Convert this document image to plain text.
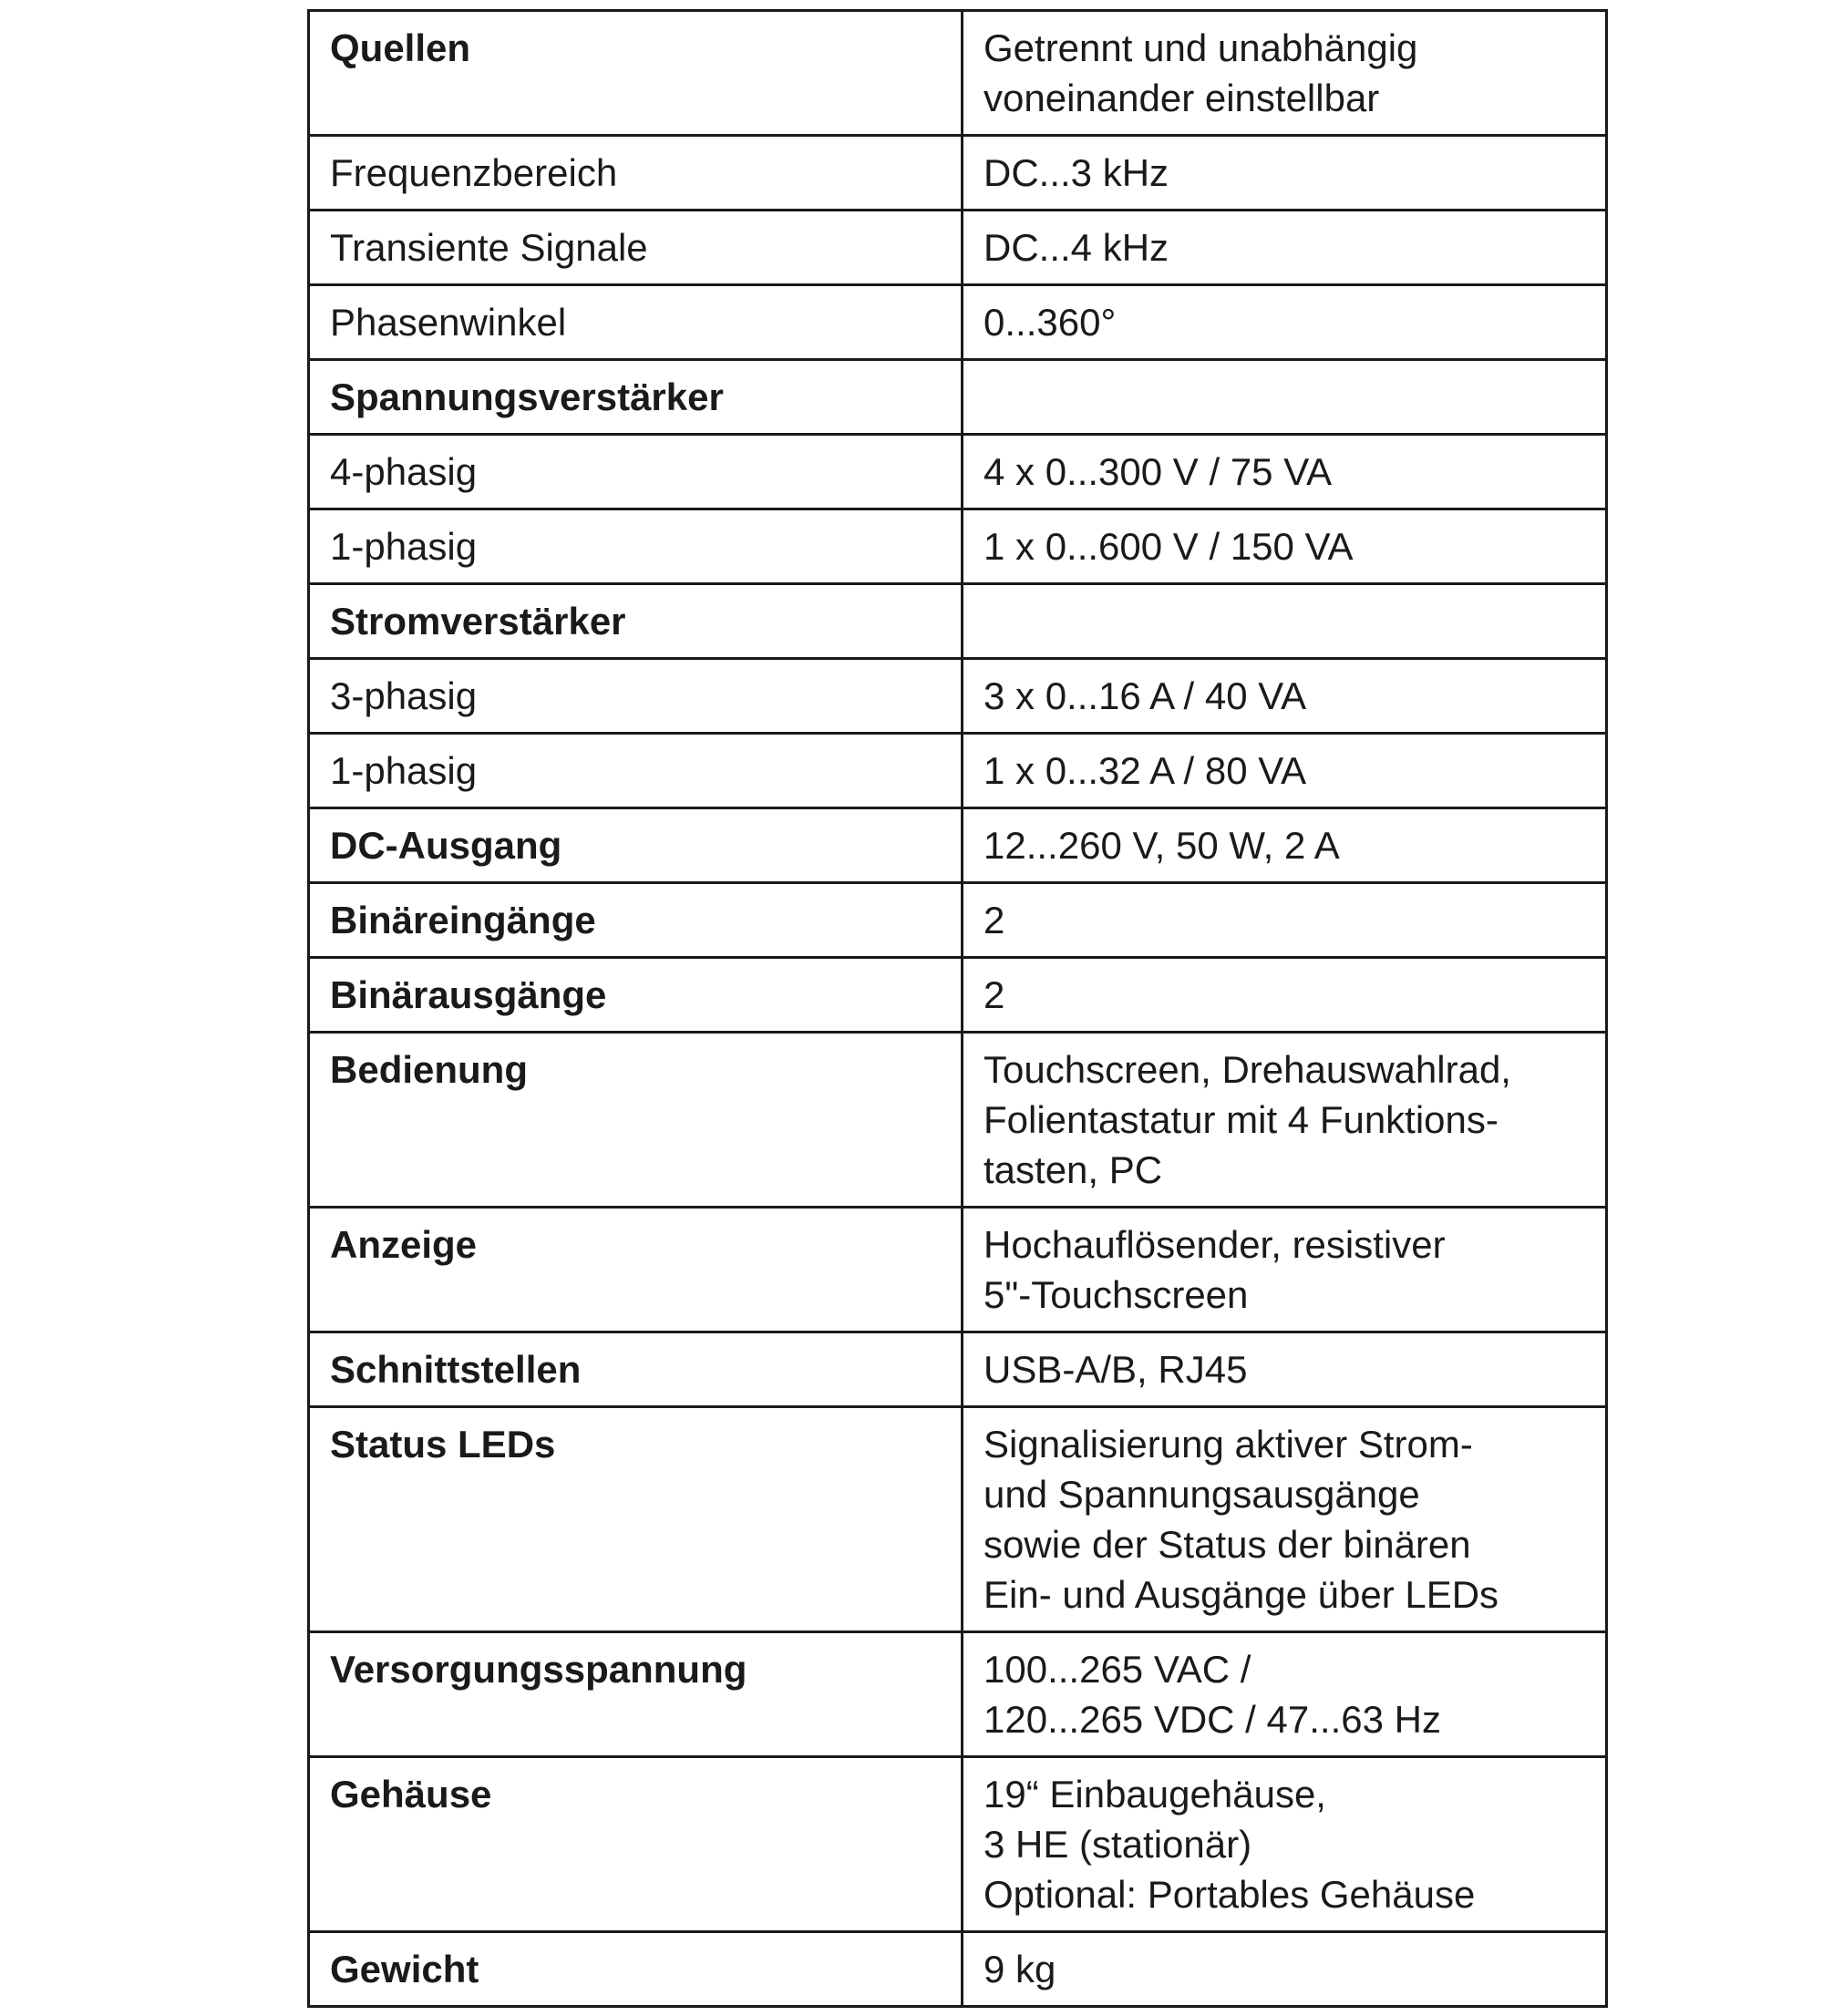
Quellen	Getrennt und unabhängig
voneinander einstellbar
Frequenzbereich	DC...3 kHz
Transiente Signale	DC...4 kHz
Phasenwinkel	0...360°
Spannungsverstärker	
4-phasig	4 x 0...300 V / 75 VA
1-phasig	1 x 0...600 V / 150 VA
Stromverstärker	
3-phasig	3 x 0...16 A / 40 VA
1-phasig	1 x 0...32 A / 80 VA
DC-Ausgang	12...260 V, 50 W, 2 A
Binäreingänge	2
Binärausgänge	2
Bedienung	Touchscreen, Drehauswahlrad,
Folientastatur mit 4 Funktions-
tasten, PC
Anzeige	Hochauflösender, resistiver
5"-Touchscreen
Schnittstellen	USB-A/B, RJ45
Status LEDs	Signalisierung aktiver Strom-
und Spannungsausgänge
sowie der Status der binären
Ein- und Ausgänge über LEDs
Versorgungsspannung	100...265 VAC /
120...265 VDC / 47...63 Hz
Gehäuse	19“ Einbaugehäuse,
3 HE (stationär)
Optional: Portables Gehäuse
Gewicht	9 kg
